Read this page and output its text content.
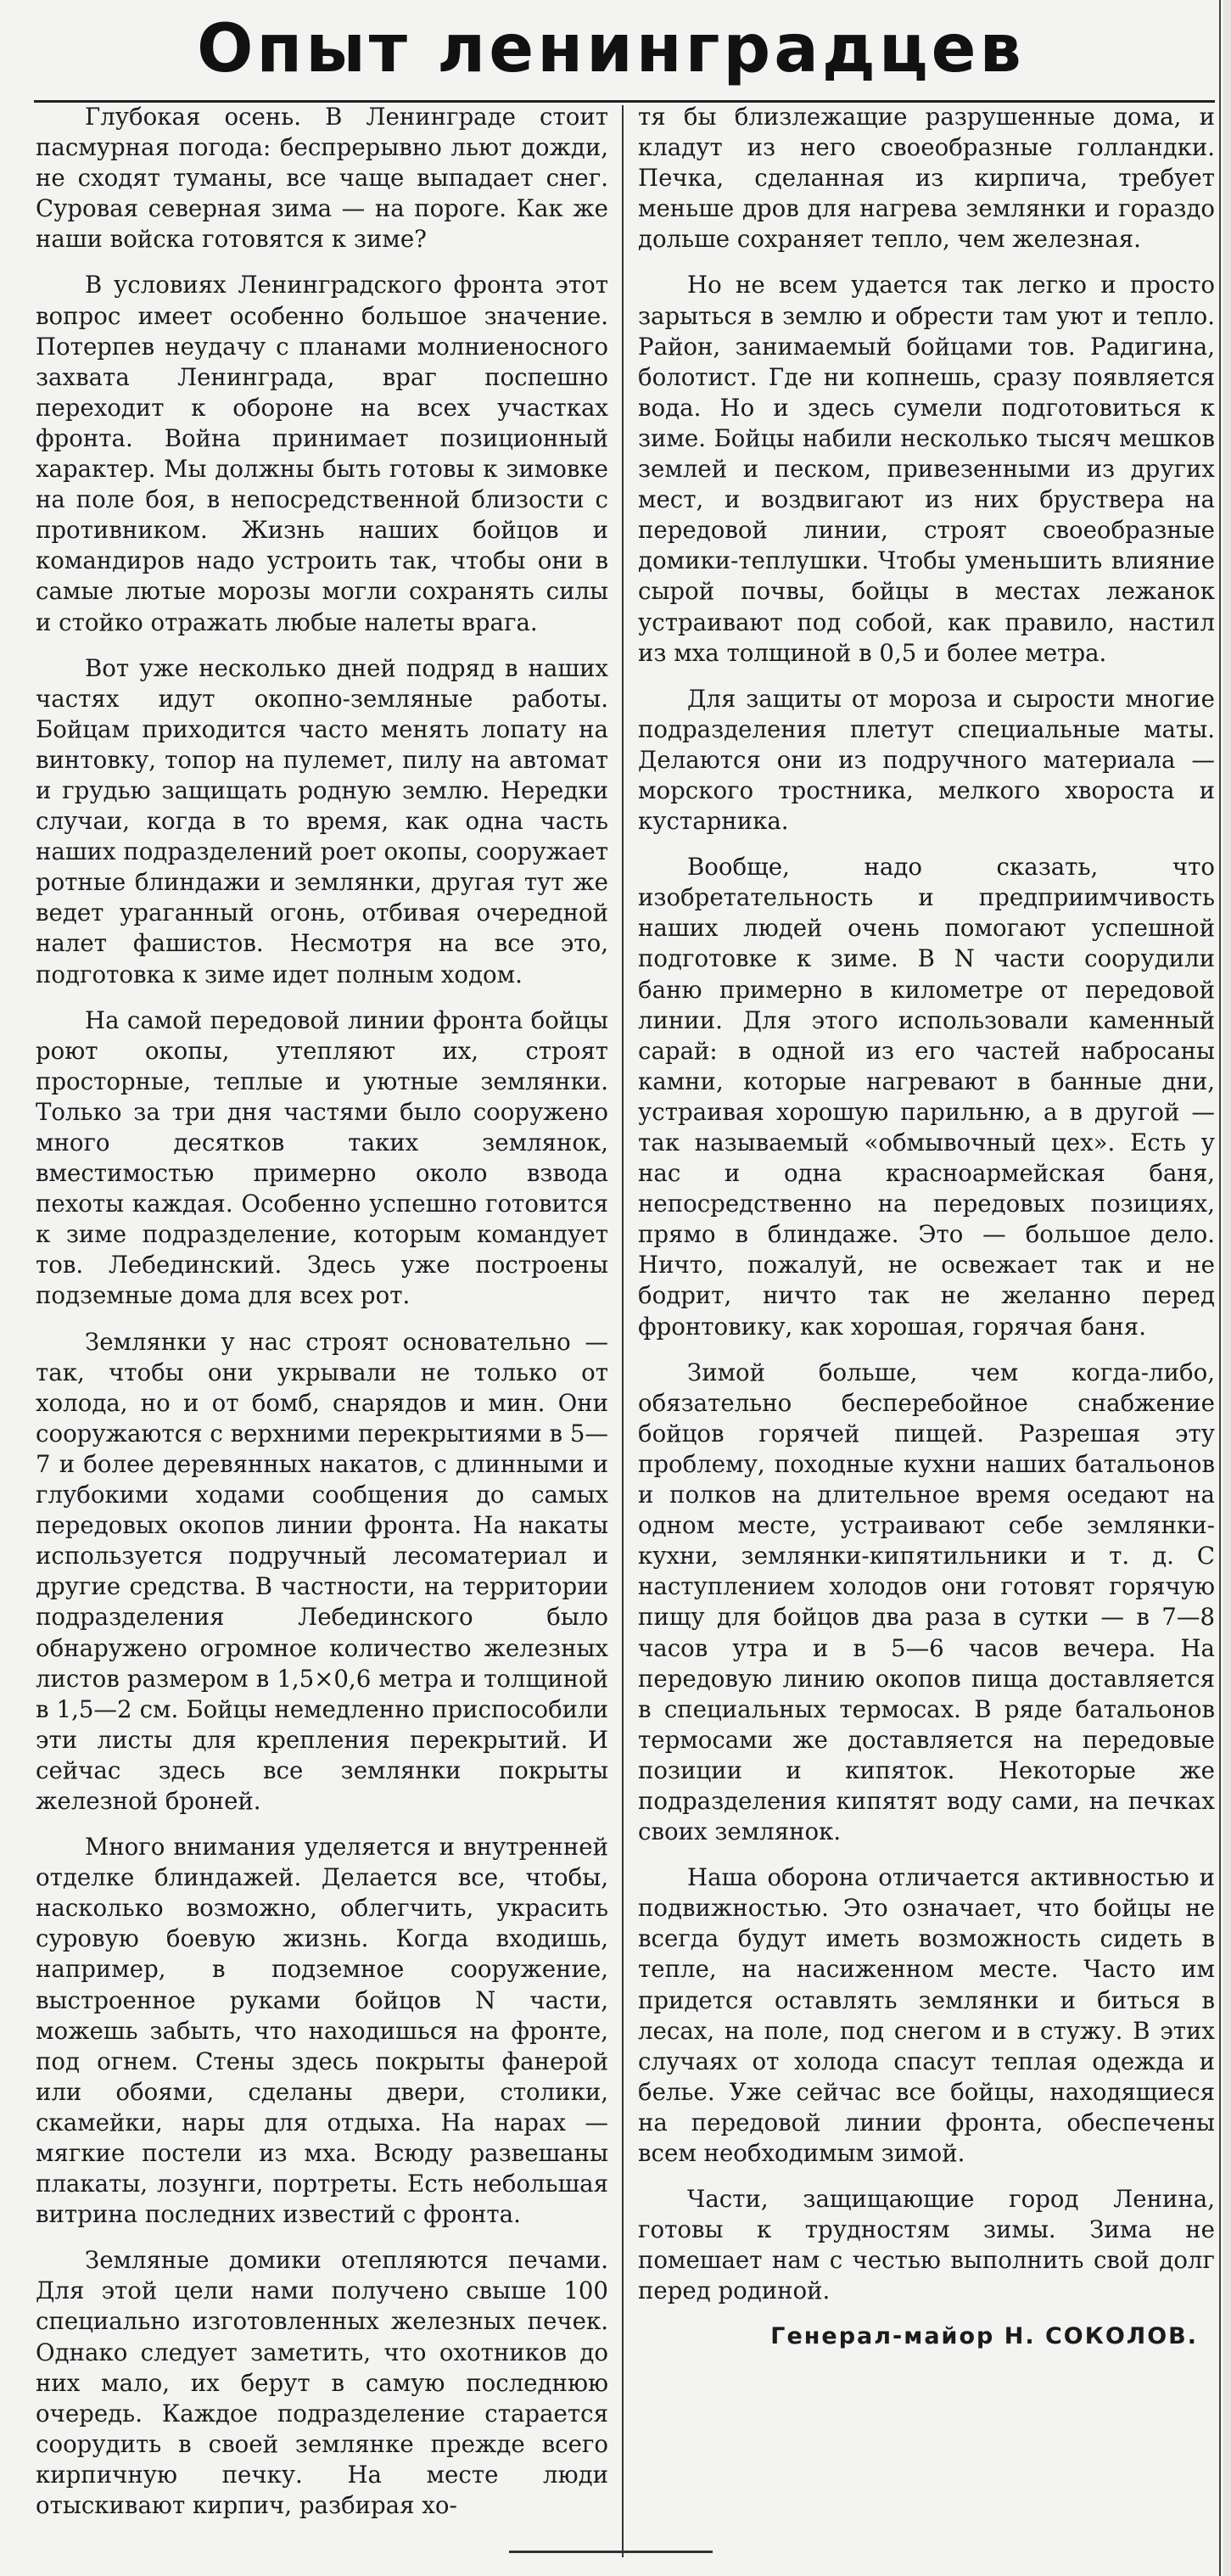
Опыт ленинградцев

Глубокая осень. В Ленинграде стоит пасмурная погода: беспрерывно льют дожди, не сходят туманы, все чаще выпадает снег. Суровая северная зима — на пороге. Как же наши войска готовятся к зиме?

В условиях Ленинградского фронта этот вопрос имеет особенно большое значение. Потерпев неудачу с планами молниеносного захвата Ленинграда, враг поспешно переходит к обороне на всех участках фронта. Война принимает позиционный характер. Мы должны быть готовы к зимовке на поле боя, в непосредственной близости с противником. Жизнь наших бойцов и командиров надо устроить так, чтобы они в самые лютые морозы могли сохранять силы и стойко отражать любые налеты врага.

Вот уже несколько дней подряд в наших частях идут окопно-земляные работы. Бойцам приходится часто менять лопату на винтовку, топор на пулемет, пилу на автомат и грудью защищать родную землю. Нередки случаи, когда в то время, как одна часть наших подразделений роет окопы, сооружает ротные блиндажи и землянки, другая тут же ведет ураганный огонь, отбивая очередной налет фашистов. Несмотря на все это, подготовка к зиме идет полным ходом.

На самой передовой линии фронта бойцы роют окопы, утепляют их, строят просторные, теплые и уютные землянки. Только за три дня частями было сооружено много десятков таких землянок, вместимостью примерно около взвода пехоты каждая. Особенно успешно готовится к зиме подразделение, которым командует тов. Лебединский. Здесь уже построены подземные дома для всех рот.

Землянки у нас строят основательно — так, чтобы они укрывали не только от холода, но и от бомб, снарядов и мин. Они сооружаются с верхними перекрытиями в 5—7 и более деревянных накатов, с длинными и глубокими ходами сообщения до самых передовых окопов линии фронта. На накаты используется подручный лесоматериал и другие средства. В частности, на территории подразделения Лебединского было обнаружено огромное количество железных листов размером в 1,5×0,6 метра и толщиной в 1,5—2 см. Бойцы немедленно приспособили эти листы для крепления перекрытий. И сейчас здесь все землянки покрыты железной броней.

Много внимания уделяется и внутренней отделке блиндажей. Делается все, чтобы, насколько возможно, облегчить, украсить суровую боевую жизнь. Когда входишь, например, в подземное сооружение, выстроенное руками бойцов N части, можешь забыть, что находишься на фронте, под огнем. Стены здесь покрыты фанерой или обоями, сделаны двери, столики, скамейки, нары для отдыха. На нарах — мягкие постели из мха. Всюду развешаны плакаты, лозунги, портреты. Есть небольшая витрина последних известий с фронта.

Земляные домики отепляются печами. Для этой цели нами получено свыше 100 специально изготовленных железных печек. Однако следует заметить, что охотников до них мало, их берут в самую последнюю очередь. Каждое подразделение старается соорудить в своей землянке прежде всего кирпичную печку. На месте люди отыскивают кирпич, разбирая хо-

тя бы близлежащие разрушенные дома, и кладут из него своеобразные голландки. Печка, сделанная из кирпича, требует меньше дров для нагрева землянки и гораздо дольше сохраняет тепло, чем железная.

Но не всем удается так легко и просто зарыться в землю и обрести там уют и тепло. Район, занимаемый бойцами тов. Радигина, болотист. Где ни копнешь, сразу появляется вода. Но и здесь сумели подготовиться к зиме. Бойцы набили несколько тысяч мешков землей и песком, привезенными из других мест, и воздвигают из них бруствера на передовой линии, строят своеобразные домики-теплушки. Чтобы уменьшить влияние сырой почвы, бойцы в местах лежанок устраивают под собой, как правило, настил из мха толщиной в 0,5 и более метра.

Для защиты от мороза и сырости многие подразделения плетут специальные маты. Делаются они из подручного материала — морского тростника, мелкого хвороста и кустарника.

Вообще, надо сказать, что изобретательность и предприимчивость наших людей очень помогают успешной подготовке к зиме. В N части соорудили баню примерно в километре от передовой линии. Для этого использовали каменный сарай: в одной из его частей набросаны камни, которые нагревают в банные дни, устраивая хорошую парильню, а в другой — так называемый «обмывочный цех». Есть у нас и одна красноармейская баня, непосредственно на передовых позициях, прямо в блиндаже. Это — большое дело. Ничто, пожалуй, не освежает так и не бодрит, ничто так не желанно перед фронтовику, как хорошая, горячая баня.

Зимой больше, чем когда-либо, обязательно бесперебойное снабжение бойцов горячей пищей. Разрешая эту проблему, походные кухни наших батальонов и полков на длительное время оседают на одном месте, устраивают себе землянки-кухни, землянки-кипятильники и т. д. С наступлением холодов они готовят горячую пищу для бойцов два раза в сутки — в 7—8 часов утра и в 5—6 часов вечера. На передовую линию окопов пища доставляется в специальных термосах. В ряде батальонов термосами же доставляется на передовые позиции и кипяток. Некоторые же подразделения кипятят воду сами, на печках своих землянок.

Наша оборона отличается активностью и подвижностью. Это означает, что бойцы не всегда будут иметь возможность сидеть в тепле, на насиженном месте. Часто им придется оставлять землянки и биться в лесах, на поле, под снегом и в стужу. В этих случаях от холода спасут теплая одежда и белье. Уже сейчас все бойцы, находящиеся на передовой линии фронта, обеспечены всем необходимым зимой.

Части, защищающие город Ленина, готовы к трудностям зимы. Зима не помешает нам с честью выполнить свой долг перед родиной.

Генерал-майор Н. СОКОЛОВ.
